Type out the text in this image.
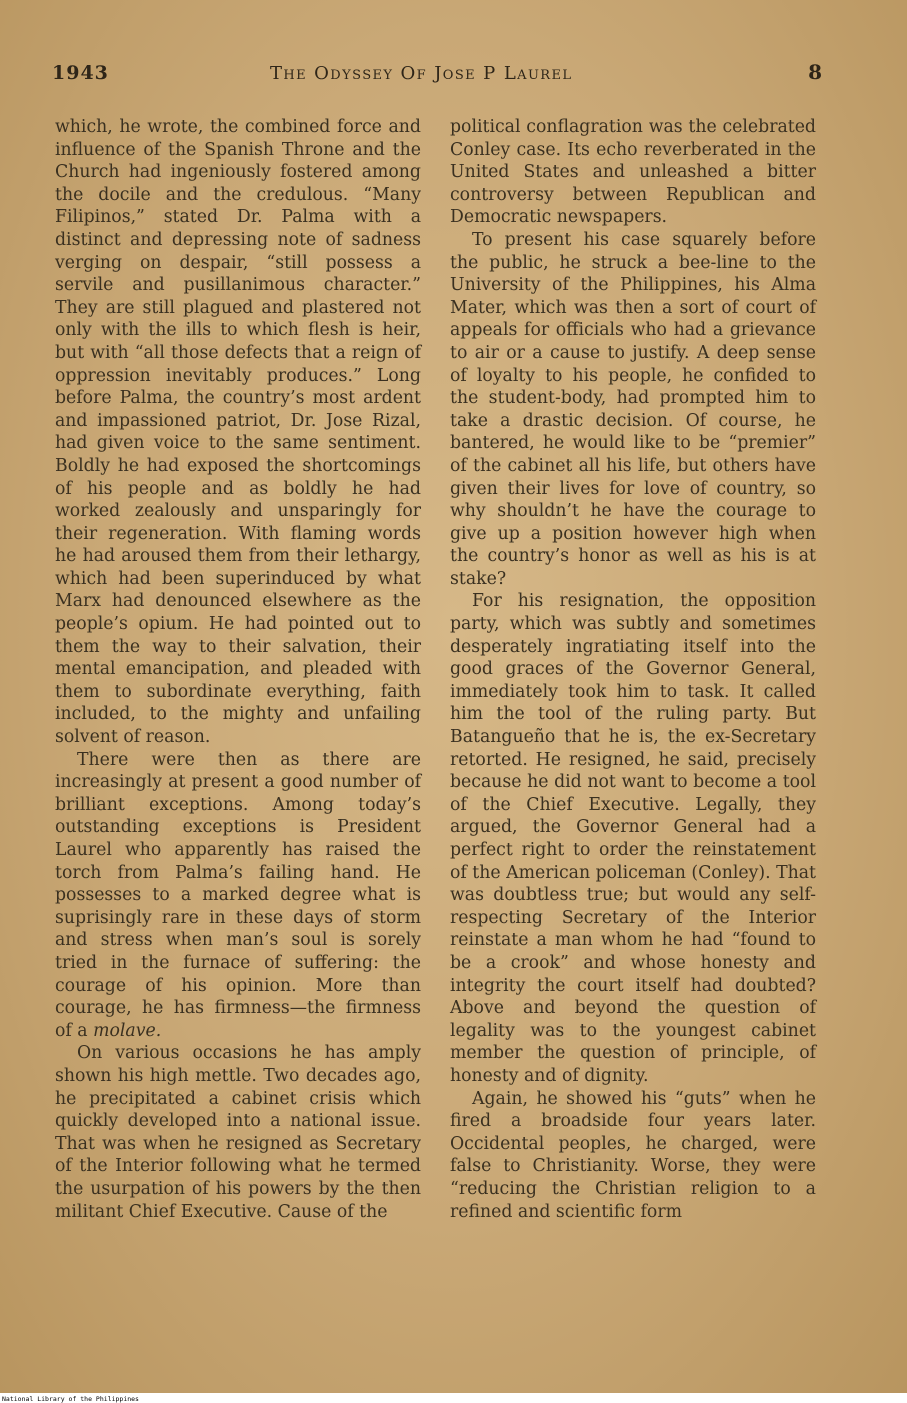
1943	The Odyssey Of Jose P Laurel	8

which, he wrote, the combined force and influence of the Spanish Throne and the Church had ingeniously fostered among the docile and the credulous. “Many Filipinos,” stated Dr. Palma with a distinct and depressing note of sadness verging on despair, “still possess a servile and pusillanimous character.” They are still plagued and plastered not only with the ills to which flesh is heir, but with “all those defects that a reign of oppression inevitably produces.” Long before Palma, the country’s most ardent and impassioned patriot, Dr. Jose Rizal, had given voice to the same sentiment. Boldly he had exposed the shortcomings of his people and as boldly he had worked zealously and unsparingly for their regeneration. With flaming words he had aroused them from their lethargy, which had been superinduced by what Marx had denounced elsewhere as the people’s opium. He had pointed out to them the way to their salvation, their mental emancipation, and pleaded with them to subordinate everything, faith included, to the mighty and unfailing solvent of reason.

There were then as there are increasingly at present a good number of brilliant exceptions. Among today’s outstanding exceptions is President Laurel who apparently has raised the torch from Palma’s failing hand. He possesses to a marked degree what is suprisingly rare in these days of storm and stress when man’s soul is sorely tried in the furnace of suffering: the courage of his opinion. More than courage, he has firmness—the firmness of a molave.

On various occasions he has amply shown his high mettle. Two decades ago, he precipitated a cabinet crisis which quickly developed into a national issue. That was when he resigned as Secretary of the Interior following what he termed the usurpation of his powers by the then militant Chief Executive. Cause of the

political conflagration was the celebrated Conley case. Its echo reverberated in the United States and unleashed a bitter controversy between Republican and Democratic newspapers.

To present his case squarely before the public, he struck a bee-line to the University of the Philippines, his Alma Mater, which was then a sort of court of appeals for officials who had a grievance to air or a cause to justify. A deep sense of loyalty to his people, he confided to the student-body, had prompted him to take a drastic decision. Of course, he bantered, he would like to be “premier” of the cabinet all his life, but others have given their lives for love of country, so why shouldn’t he have the courage to give up a position however high when the country’s honor as well as his is at stake?

For his resignation, the opposition party, which was subtly and sometimes desperately ingratiating itself into the good graces of the Governor General, immediately took him to task. It called him the tool of the ruling party. But Batangueño that he is, the ex-Secretary retorted. He resigned, he said, precisely because he did not want to become a tool of the Chief Executive. Legally, they argued, the Governor General had a perfect right to order the reinstatement of the American policeman (Conley). That was doubtless true; but would any self-respecting Secretary of the Interior reinstate a man whom he had “found to be a crook” and whose honesty and integrity the court itself had doubted? Above and beyond the question of legality was to the youngest cabinet member the question of principle, of honesty and of dignity.

Again, he showed his “guts” when he fired a broadside four years later. Occidental peoples, he charged, were false to Christianity. Worse, they were “reducing the Christian religion to a refined and scientific form

National Library of the Philippines
